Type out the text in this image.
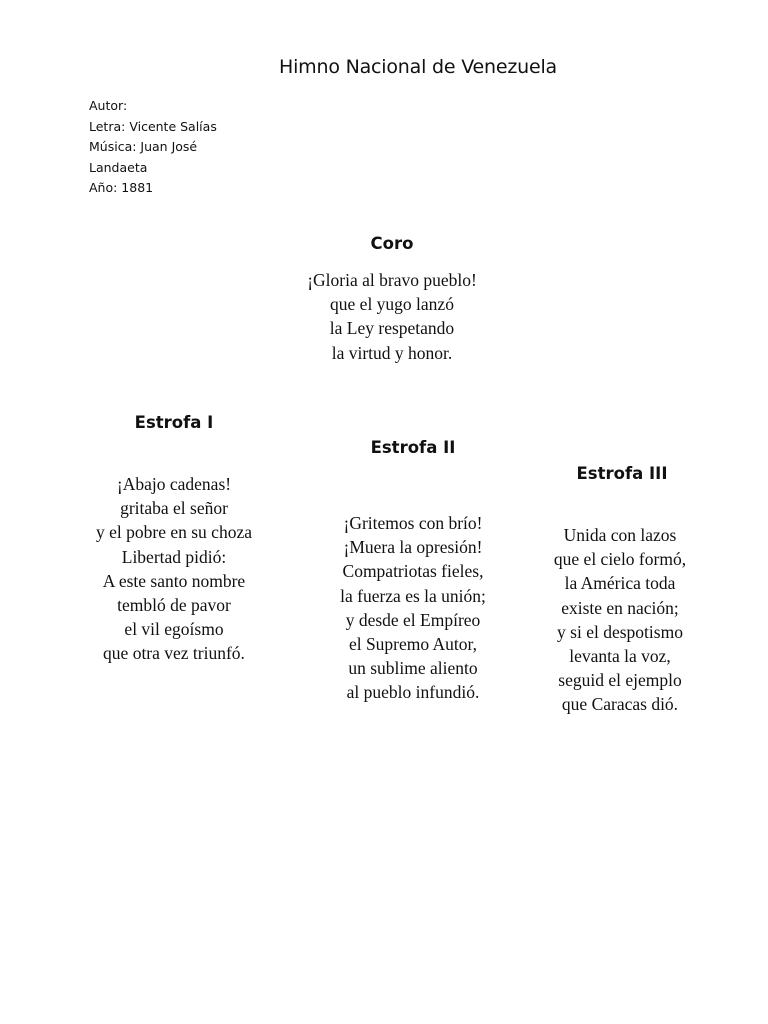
Himno Nacional de Venezuela
Autor:
Letra: Vicente Salías
Música: Juan José
Landaeta
Año: 1881
Coro
¡Gloria al bravo pueblo!
que el yugo lanzó
la Ley respetando
la virtud y honor.
Estrofa I
¡Abajo cadenas!
gritaba el señor
y el pobre en su choza
Libertad pidió:
A este santo nombre
tembló de pavor
el vil egoísmo
que otra vez triunfó.
Estrofa II
¡Gritemos con brío!
¡Muera la opresión!
Compatriotas fieles,
la fuerza es la unión;
y desde el Empíreo
el Supremo Autor,
un sublime aliento
al pueblo infundió.
Estrofa III
Unida con lazos
que el cielo formó,
la América toda
existe en nación;
y si el despotismo
levanta la voz,
seguid el ejemplo
que Caracas dió.
